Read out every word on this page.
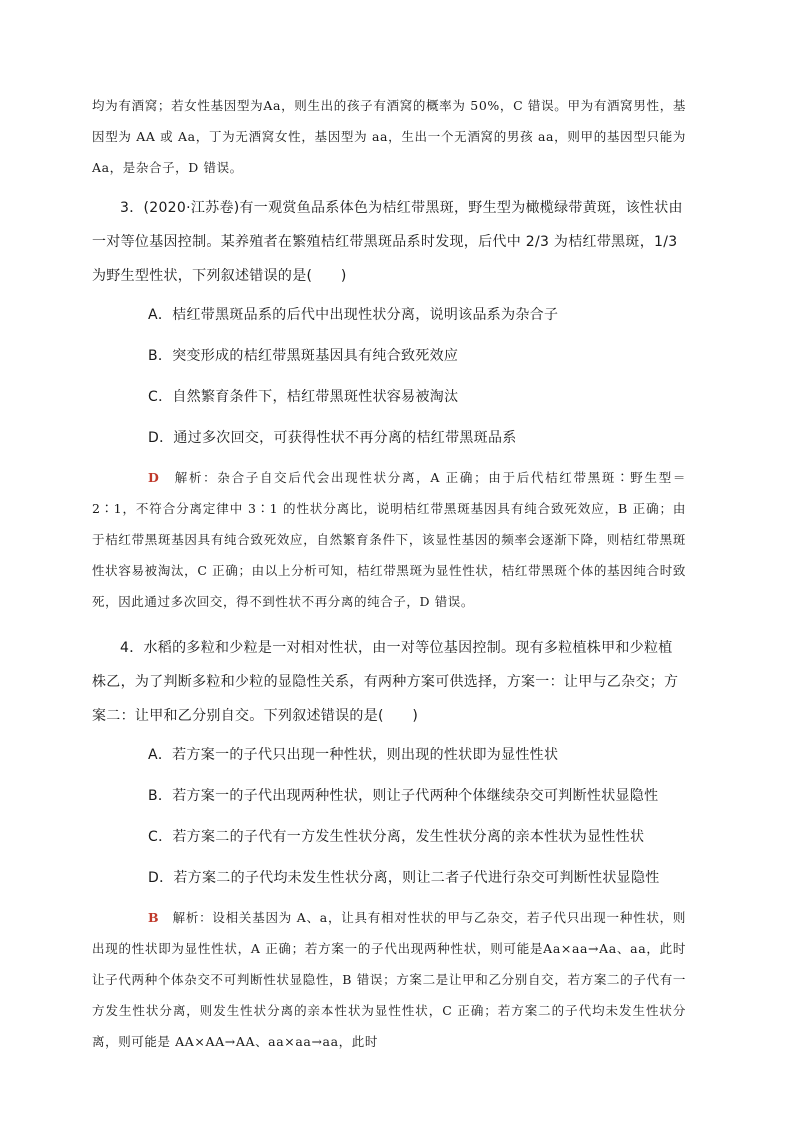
均为有酒窝；若女性基因型为Aa，则生出的孩子有酒窝的概率为 50%，C 错误。甲为有酒窝男性，基因型为 AA 或 Aa，丁为无酒窝女性，基因型为 aa，生出一个无酒窝的男孩 aa，则甲的基因型只能为 Aa，是杂合子，D 错误。

3．(2020·江苏卷)有一观赏鱼品系体色为桔红带黑斑，野生型为橄榄绿带黄斑，该性状由一对等位基因控制。某养殖者在繁殖桔红带黑斑品系时发现，后代中 2/3 为桔红带黑斑，1/3 为野生型性状，下列叙述错误的是(　　)

A．桔红带黑斑品系的后代中出现性状分离，说明该品系为杂合子

B．突变形成的桔红带黑斑基因具有纯合致死效应

C．自然繁育条件下，桔红带黑斑性状容易被淘汰

D．通过多次回交，可获得性状不再分离的桔红带黑斑品系

D　 解析：杂合子自交后代会出现性状分离，A 正确；由于后代桔红带黑斑∶野生型＝2∶1，不符合分离定律中 3∶1 的性状分离比，说明桔红带黑斑基因具有纯合致死效应，B 正确；由于桔红带黑斑基因具有纯合致死效应，自然繁育条件下，该显性基因的频率会逐渐下降，则桔红带黑斑性状容易被淘汰，C 正确；由以上分析可知，桔红带黑斑为显性性状，桔红带黑斑个体的基因纯合时致死，因此通过多次回交，得不到性状不再分离的纯合子，D 错误。

4．水稻的多粒和少粒是一对相对性状，由一对等位基因控制。现有多粒植株甲和少粒植株乙，为了判断多粒和少粒的显隐性关系，有两种方案可供选择，方案一：让甲与乙杂交；方案二：让甲和乙分别自交。下列叙述错误的是(　　)

A．若方案一的子代只出现一种性状，则出现的性状即为显性性状

B．若方案一的子代出现两种性状，则让子代两种个体继续杂交可判断性状显隐性

C．若方案二的子代有一方发生性状分离，发生性状分离的亲本性状为显性性状

D．若方案二的子代均未发生性状分离，则让二者子代进行杂交可判断性状显隐性

B　 解析：设相关基因为 A、a，让具有相对性状的甲与乙杂交，若子代只出现一种性状，则出现的性状即为显性性状，A 正确；若方案一的子代出现两种性状，则可能是Aa×aa→Aa、aa，此时让子代两种个体杂交不可判断性状显隐性，B 错误；方案二是让甲和乙分别自交，若方案二的子代有一方发生性状分离，则发生性状分离的亲本性状为显性性状，C 正确；若方案二的子代均未发生性状分离，则可能是 AA×AA→AA、aa×aa→aa，此时
